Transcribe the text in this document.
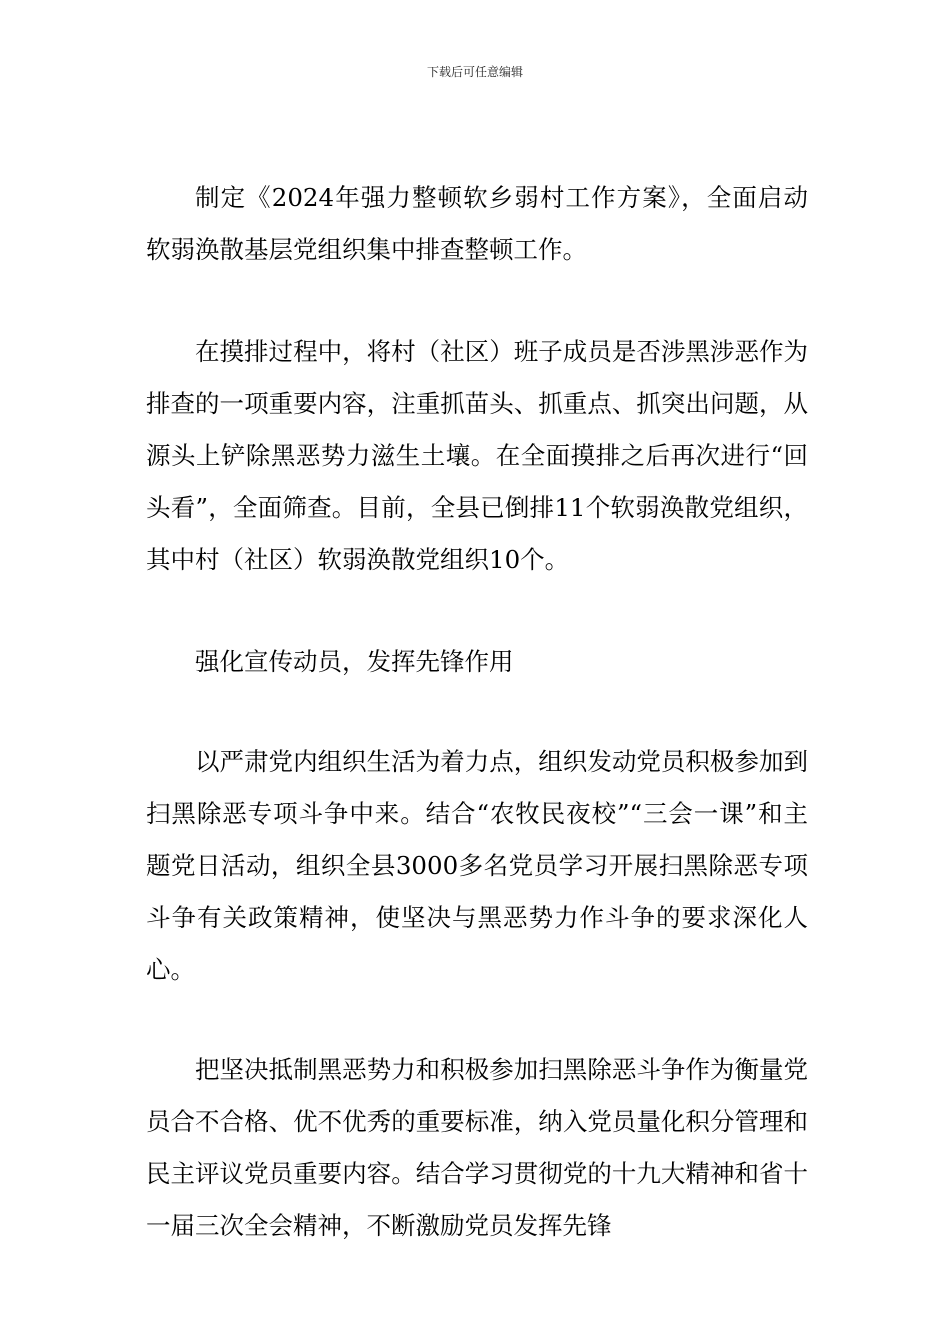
下载后可任意编辑

制定《2024年强力整顿软乡弱村工作方案》，全面启动软弱涣散基层党组织集中排查整顿工作。

在摸排过程中，将村（社区）班子成员是否涉黑涉恶作为排查的一项重要内容，注重抓苗头、抓重点、抓突出问题，从源头上铲除黑恶势力滋生土壤。在全面摸排之后再次进行“回头看”，全面筛查。目前，全县已倒排11个软弱涣散党组织，其中村（社区）软弱涣散党组织10个。

强化宣传动员，发挥先锋作用

以严肃党内组织生活为着力点，组织发动党员积极参加到扫黑除恶专项斗争中来。结合“农牧民夜校”“三会一课”和主题党日活动，组织全县3000多名党员学习开展扫黑除恶专项斗争有关政策精神，使坚决与黑恶势力作斗争的要求深化人心。

把坚决抵制黑恶势力和积极参加扫黑除恶斗争作为衡量党员合不合格、优不优秀的重要标准，纳入党员量化积分管理和民主评议党员重要内容。结合学习贯彻党的十九大精神和省十一届三次全会精神，不断激励党员发挥先锋
